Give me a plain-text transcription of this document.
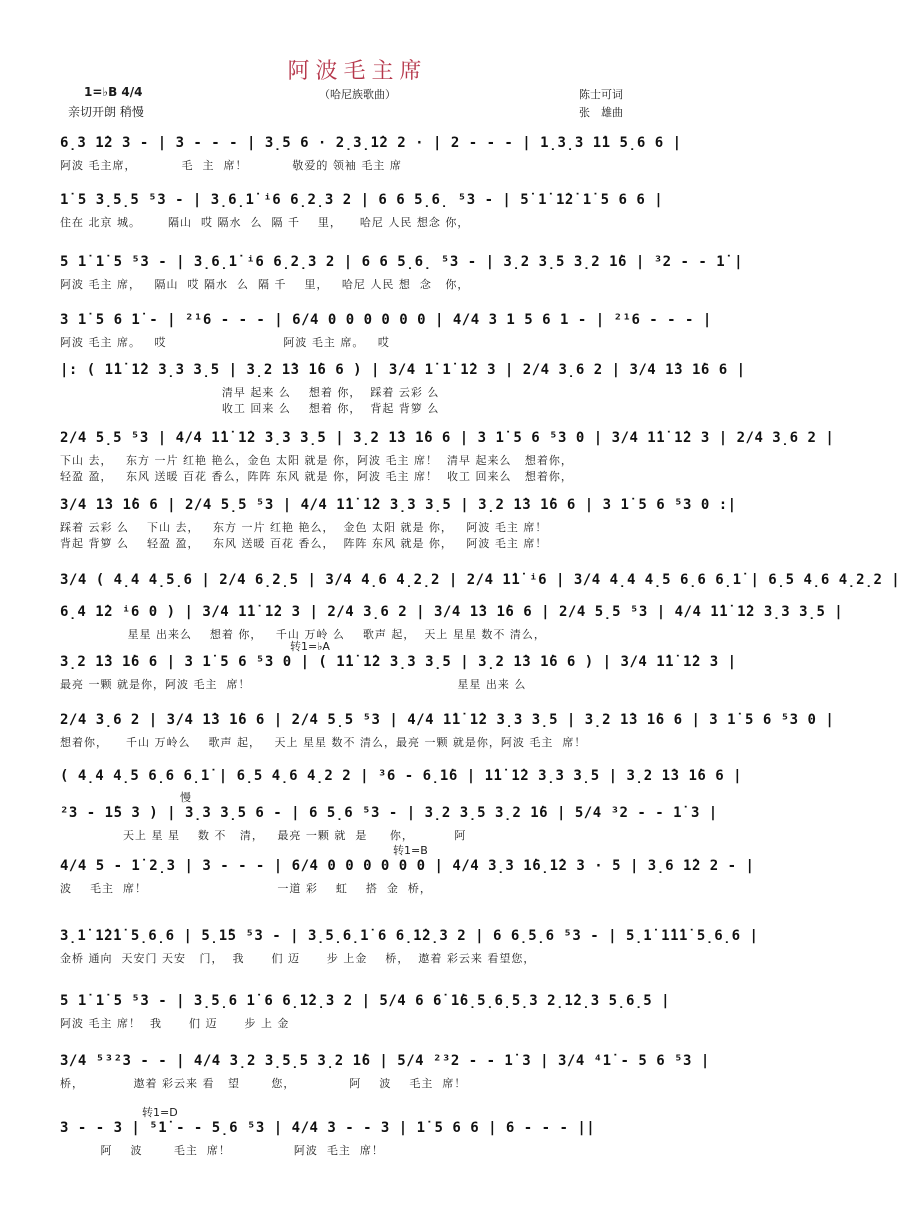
阿波毛主席
（哈尼族歌曲）
1=♭B 4/4
亲切开朗 稍慢
陈士可词
张　雄曲
6̣3 1̇2 3 - | 3 - - - | 3̣5 6 · 2̣3̣1̇2 2 · | 2 - - - | 1̣3̣3 1̇1 5̣6 6 |
阿波 毛主席，          毛  主  席！          敬爱的 领袖 毛主 席
1̇ 5 3̣5̣5 ⁵3 - | 3̣6̣1̇ ⁱ6 6̣2̣3 2 | 6 6 5̣6̣ ⁵3 - | 5̇ 1̇ 1̇2̇ 1̇ 5 6 6 |
住在 北京 城。      隔山  哎 隔水  么  隔 千    里，    哈尼 人民 想念 你，
5 1̇ 1̇ 5 ⁵3 - | 3̣6̣1̇ ⁱ6 6̣2̣3 2 | 6 6 5̣6̣ ⁵3 - | 3̣2 3̣5 3̣2 1̇6 | ³2 - - 1̇ |
阿波 毛主 席，   隔山  哎 隔水  么  隔 千    里，   哈尼 人民 想  念   你，
3 1̇ 5 6 1̇ - | ²¹6 - - - | 6/4 0 0 0 0 0 0 | 4/4 3 1 5 6 1 - | ²¹6 - - - |
阿波 毛主 席。   哎                          阿波 毛主 席。   哎
|: ( 1̇1̇ 1̇2 3̣3 3̣5 | 3̣2 1̇3 1̇6 6 ) | 3/4 1̇ 1̇ 1̇2 3 | 2/4 3̣6 2 | 3/4 1̇3 1̇6 6 |
清早 起来 么    想着 你，  踩着 云彩 么
收工 回来 么    想着 你，  背起 背箩 么
2/4 5̣5 ⁵3 | 4/4 1̇1̇ 1̇2 3̣3 3̣5 | 3̣2 1̇3 1̇6 6 | 3 1̇ 5 6 ⁵3 0 | 3/4 1̇1̇ 1̇2 3 | 2/4 3̣6 2 |
下山 去，   东方 一片 红艳 艳么，金色 太阳 就是 你，阿波 毛主 席！  清早 起来么   想着你，
轻盈 盈，   东风 送暖 百花 香么，阵阵 东风 就是 你，阿波 毛主 席！  收工 回来么   想着你，
3/4 1̇3 1̇6 6 | 2/4 5̣5 ⁵3 | 4/4 1̇1̇ 1̇2 3̣3 3̣5 | 3̣2 1̇3 1̇6 6 | 3 1̇ 5 6 ⁵3 0 :|
踩着 云彩 么    下山 去，   东方 一片 红艳 艳么，  金色 太阳 就是 你，   阿波 毛主 席！
背起 背箩 么    轻盈 盈，   东风 送暖 百花 香么，  阵阵 东风 就是 你，   阿波 毛主 席！
3/4 ( 4̣4 4̣5̣6 | 2/4 6̣2̣5 | 3/4 4̣6 4̣2̣2 | 2/4 1̇1̇ ⁱ6 | 3/4 4̣4 4̣5 6̣6 6̣1̇ | 6̣5 4̣6 4̣2̣2 |
6̣4 1̇2 ⁱ6 0 ) | 3/4 1̇1̇ 1̇2 3 | 2/4 3̣6 2 | 3/4 1̇3 1̇6 6 | 2/4 5̣5 ⁵3 | 4/4 1̇1̇ 1̇2 3̣3 3̣5 |
星星 出来么    想着 你，   千山 万岭 么    歌声 起，  天上 星星 数不 清么，
3̣2 1̇3 1̇6 6 | 3 1̇ 5 6 ⁵3 0 | ( 1̇1̇ 1̇2 3̣3 3̣5 | 3̣2 1̇3 1̇6 6 ) | 3/4 1̇1̇ 1̇2 3 |
转1=♭A
最亮 一颗 就是你，阿波 毛主  席！                                              星星 出来 么
2/4 3̣6 2 | 3/4 1̇3 1̇6 6 | 2/4 5̣5 ⁵3 | 4/4 1̇1̇ 1̇2 3̣3 3̣5 | 3̣2 1̇3 1̇6 6 | 3 1̇ 5 6 ⁵3 0 |
想着你，    千山 万岭么    歌声 起，   天上 星星 数不 清么，最亮 一颗 就是你，阿波 毛主  席！
( 4̣4 4̣5 6̣6 6̣1̇ | 6̣5 4̣6 4̣2 2 | ³6 - 6̣1̇6 | 1̇1̇ 1̇2 3̣3 3̣5 | 3̣2 1̇3 1̇6 6 |
²3 - 1̇5 3 ) | 3̣3 3̣5 6 - | 6 5̣6 ⁵3 - | 3̣2 3̣5 3̣2 1̇6 | 5/4 ³2 - - 1̇ 3 |
慢
天上 星 星    数 不   清，   最亮 一颗 就  是     你，         阿
4/4 5 - 1̇ 2̣3 | 3 - - - | 6/4 0 0 0 0 0 0 | 4/4 3̣3 1̇6̣1̇2 3 · 5 | 3̣6 1̇2 2 - |
转1=B
波    毛主  席！                             一道 彩    虹    搭  金  桥，
3̣1̇ 1̇2̇1̇ 5̣6̣6 | 5̣1̇5 ⁵3 - | 3̣5̣6̣1̇ 6 6̣1̇2̣3 2 | 6 6̣5̣6 ⁵3 - | 5̣1̇ 1̇1̇1̇ 5̣6̣6 |
金桥 通向  天安门 天安   门，  我      们 迈      步 上金    桥，  遨着 彩云来 看望您，
5 1̇ 1̇ 5 ⁵3 - | 3̣5̣6 1̇ 6 6̣1̇2̣3 2 | 5/4 6 6̇ 1̇6̣5̣6̣5̣3 2̣1̇2̣3 5̣6̣5 |
阿波 毛主 席！  我      们 迈      步 上 金
3/4 ⁵³²3 - - | 4/4 3̣2 3̣5̣5 3̣2 1̇6 | 5/4 ²³2 - - 1̇ 3 | 3/4 ⁴1̇ - 5 6 ⁵3 |
桥，           遨着 彩云来 看   望       您，            阿    波    毛主  席！
3 - - 3 | ⁵1̇ - - 5̣6 ⁵3 | 4/4 3 - - 3 | 1̇ 5 6 6 | 6 - - - ||
转1=D
阿    波       毛主  席！              阿波  毛主  席！
